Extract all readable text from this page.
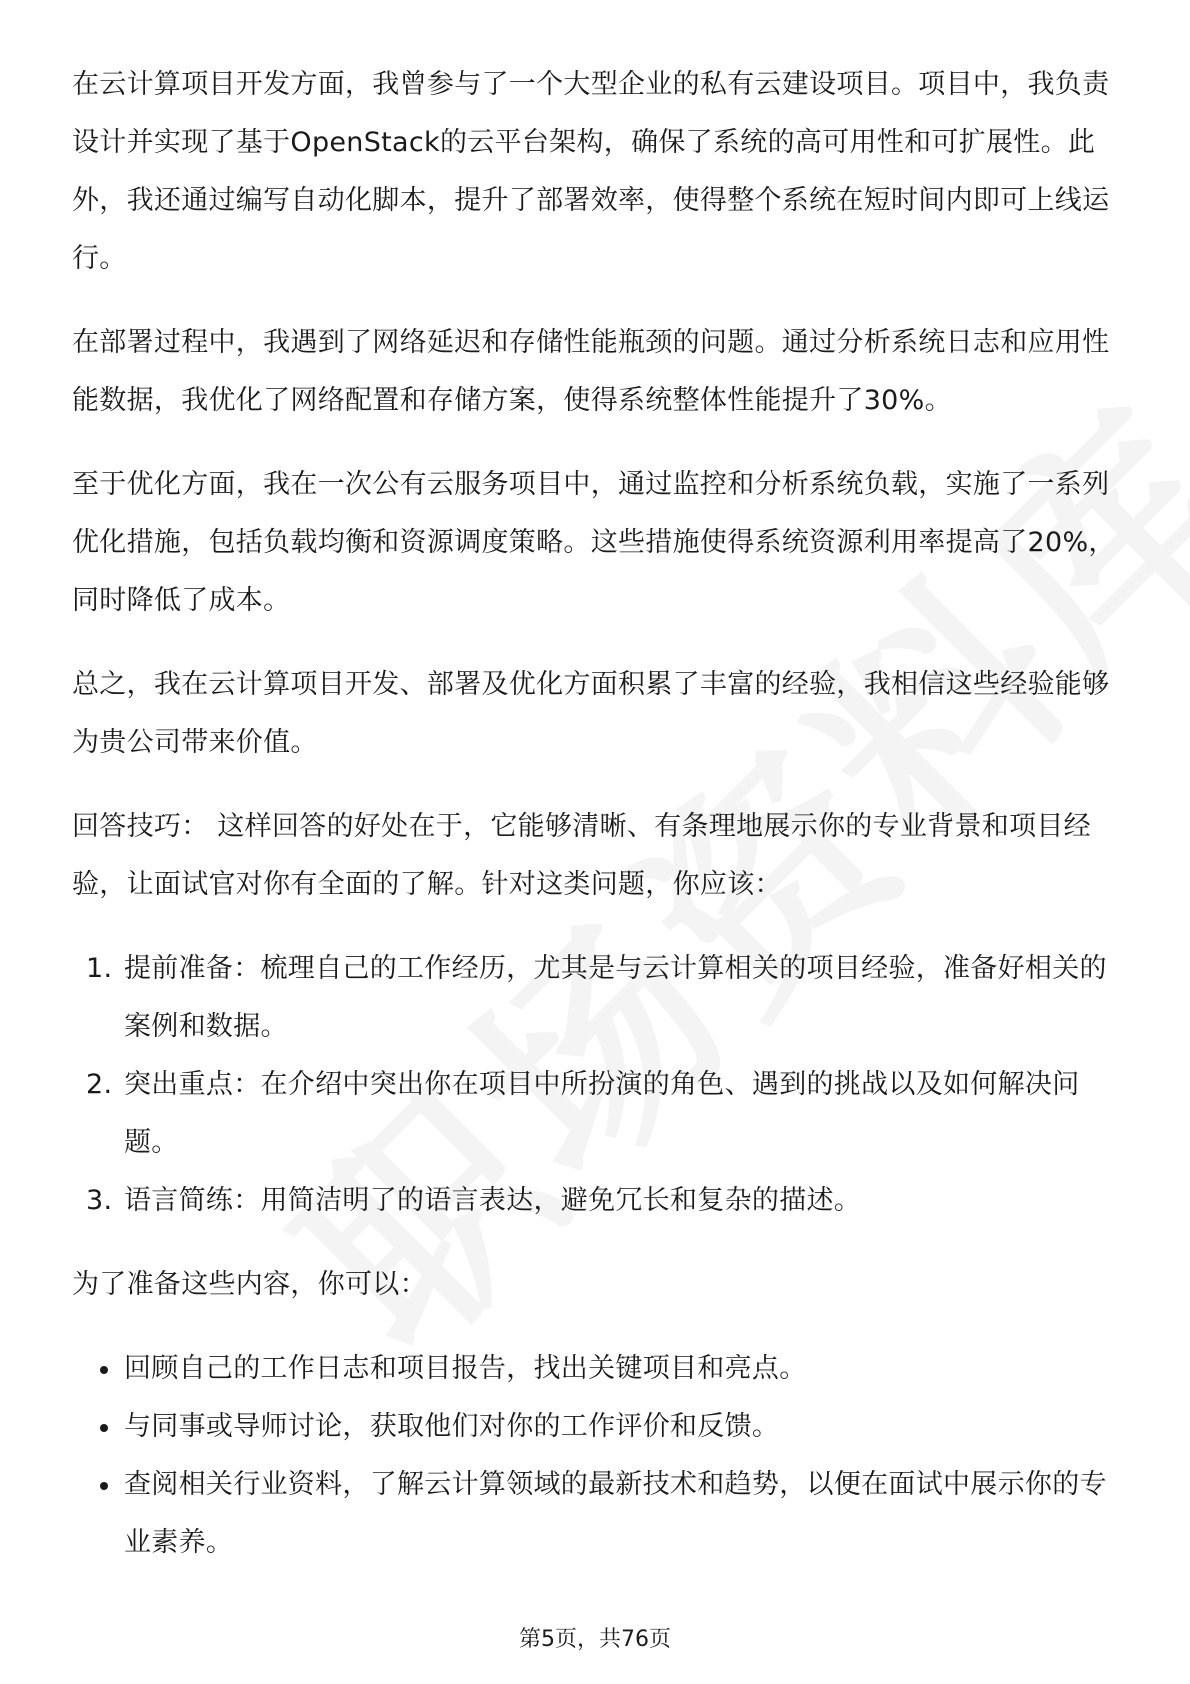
在云计算项目开发方面，我曾参与了一个大型企业的私有云建设项目。项目中，我负责设计并实现了基于OpenStack的云平台架构，确保了系统的高可用性和可扩展性。此外，我还通过编写自动化脚本，提升了部署效率，使得整个系统在短时间内即可上线运行。

在部署过程中，我遇到了网络延迟和存储性能瓶颈的问题。通过分析系统日志和应用性能数据，我优化了网络配置和存储方案，使得系统整体性能提升了30%。

至于优化方面，我在一次公有云服务项目中，通过监控和分析系统负载，实施了一系列优化措施，包括负载均衡和资源调度策略。这些措施使得系统资源利用率提高了20%，同时降低了成本。

总之，我在云计算项目开发、部署及优化方面积累了丰富的经验，我相信这些经验能够为贵公司带来价值。

回答技巧： 这样回答的好处在于，它能够清晰、有条理地展示你的专业背景和项目经验，让面试官对你有全面的了解。针对这类问题，你应该：

1. 提前准备：梳理自己的工作经历，尤其是与云计算相关的项目经验，准备好相关的案例和数据。
2. 突出重点：在介绍中突出你在项目中所扮演的角色、遇到的挑战以及如何解决问题。
3. 语言简练：用简洁明了的语言表达，避免冗长和复杂的描述。

为了准备这些内容，你可以：

回顾自己的工作日志和项目报告，找出关键项目和亮点。
与同事或导师讨论，获取他们对你的工作评价和反馈。
查阅相关行业资料，了解云计算领域的最新技术和趋势，以便在面试中展示你的专业素养。
第5页，共76页
